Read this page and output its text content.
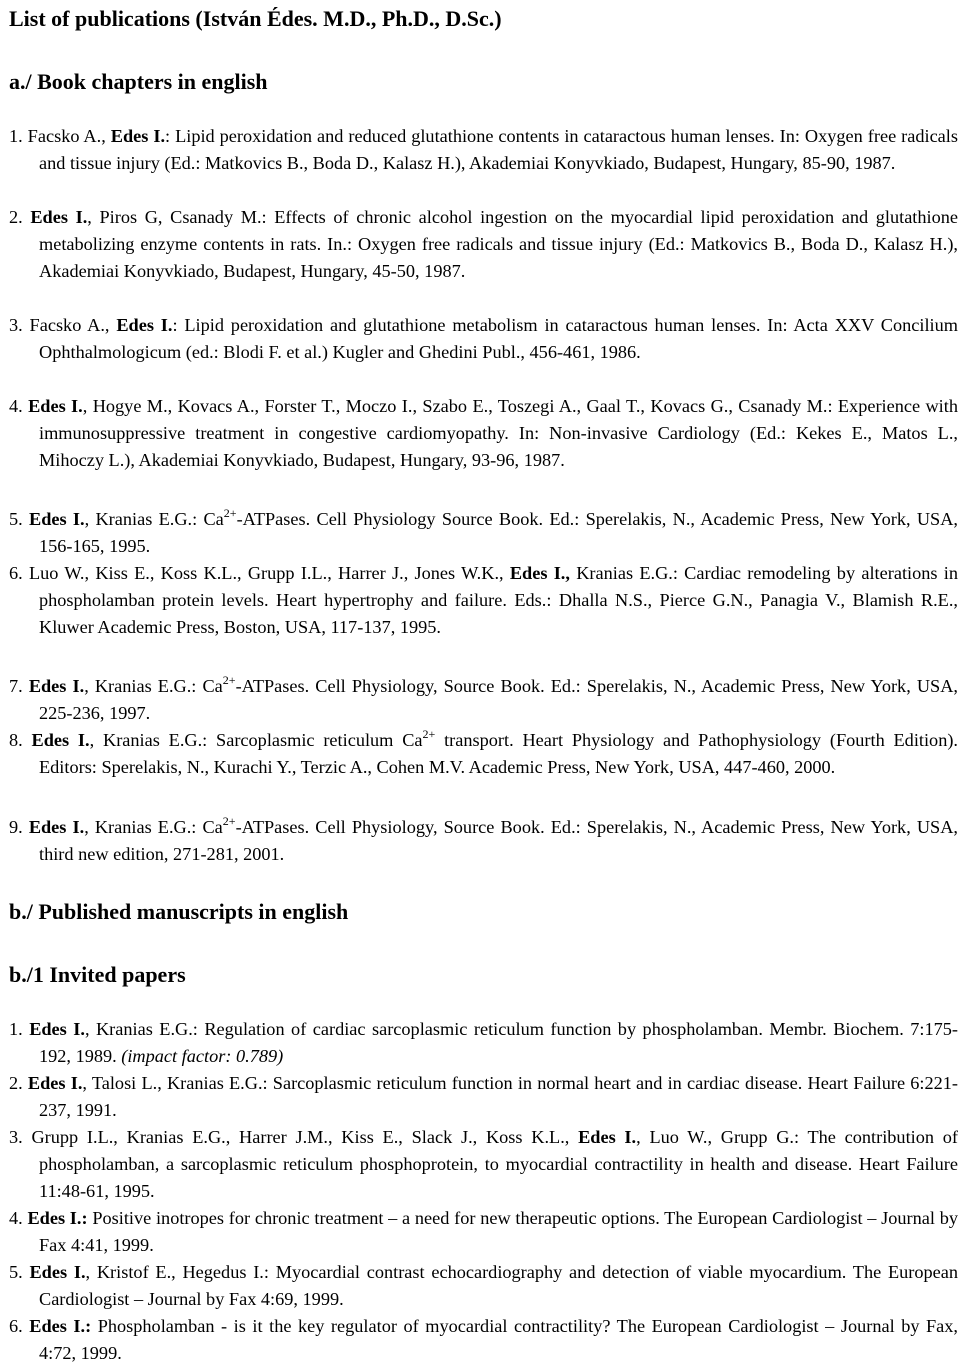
List of publications (István Édes. M.D., Ph.D., D.Sc.)
a./ Book chapters in english
1. Facsko A., Edes I.: Lipid peroxidation and reduced glutathione contents in cataractous human lenses. In: Oxygen free radicals and tissue injury (Ed.: Matkovics B., Boda D., Kalasz H.), Akademiai Konyvkiado, Budapest, Hungary, 85-90, 1987.
2. Edes I., Piros G, Csanady M.: Effects of chronic alcohol ingestion on the myocardial lipid peroxidation and glutathione metabolizing enzyme contents in rats. In.: Oxygen free radicals and tissue injury (Ed.: Matkovics B., Boda D., Kalasz H.), Akademiai Konyvkiado, Budapest, Hungary, 45-50, 1987.
3. Facsko A., Edes I.: Lipid peroxidation and glutathione metabolism in cataractous human lenses. In: Acta XXV Concilium Ophthalmologicum (ed.: Blodi F. et al.) Kugler and Ghedini Publ., 456-461, 1986.
4. Edes I., Hogye M., Kovacs A., Forster T., Moczo I., Szabo E., Toszegi A., Gaal T., Kovacs G., Csanady M.: Experience with immunosuppressive treatment in congestive cardiomyopathy. In: Non-invasive Cardiology (Ed.: Kekes E., Matos L., Mihoczy L.), Akademiai Konyvkiado, Budapest, Hungary, 93-96, 1987.
5. Edes I., Kranias E.G.: $Ca^{2+}$-ATPases. Cell Physiology Source Book. Ed.: Sperelakis, N., Academic Press, New York, USA, 156-165, 1995.
6. Luo W., Kiss E., Koss K.L., Grupp I.L., Harrer J., Jones W.K., Edes I., Kranias E.G.: Cardiac remodeling by alterations in phospholamban protein levels. Heart hypertrophy and failure. Eds.: Dhalla N.S., Pierce G.N., Panagia V., Blamish R.E., Kluwer Academic Press, Boston, USA, 117-137, 1995.
7. Edes I., Kranias E.G.: $Ca^{2+}$-ATPases. Cell Physiology, Source Book. Ed.: Sperelakis, N., Academic Press, New York, USA, 225-236, 1997.
8. Edes I., Kranias E.G.: Sarcoplasmic reticulum $Ca^{2+}$ transport. Heart Physiology and Pathophysiology (Fourth Edition). Editors: Sperelakis, N., Kurachi Y., Terzic A., Cohen M.V. Academic Press, New York, USA, 447-460, 2000.
9. Edes I., Kranias E.G.: $Ca^{2+}$-ATPases. Cell Physiology, Source Book. Ed.: Sperelakis, N., Academic Press, New York, USA, third new edition, 271-281, 2001.
b./ Published manuscripts in english
b./1 Invited papers
1. Edes I., Kranias E.G.: Regulation of cardiac sarcoplasmic reticulum function by phospholamban. Membr. Biochem. 7:175-192, 1989. (impact factor: 0.789)
2. Edes I., Talosi L., Kranias E.G.: Sarcoplasmic reticulum function in normal heart and in cardiac disease. Heart Failure 6:221-237, 1991.
3. Grupp I.L., Kranias E.G., Harrer J.M., Kiss E., Slack J., Koss K.L., Edes I., Luo W., Grupp G.: The contribution of phospholamban, a sarcoplasmic reticulum phosphoprotein, to myocardial contractility in health and disease. Heart Failure 11:48-61, 1995.
4. Edes I.: Positive inotropes for chronic treatment – a need for new therapeutic options. The European Cardiologist – Journal by Fax 4:41, 1999.
5. Edes I., Kristof E., Hegedus I.: Myocardial contrast echocardiography and detection of viable myocardium. The European Cardiologist – Journal by Fax 4:69, 1999.
6. Edes I.: Phospholamban - is it the key regulator of myocardial contractility? The European Cardiologist – Journal by Fax, 4:72, 1999.
